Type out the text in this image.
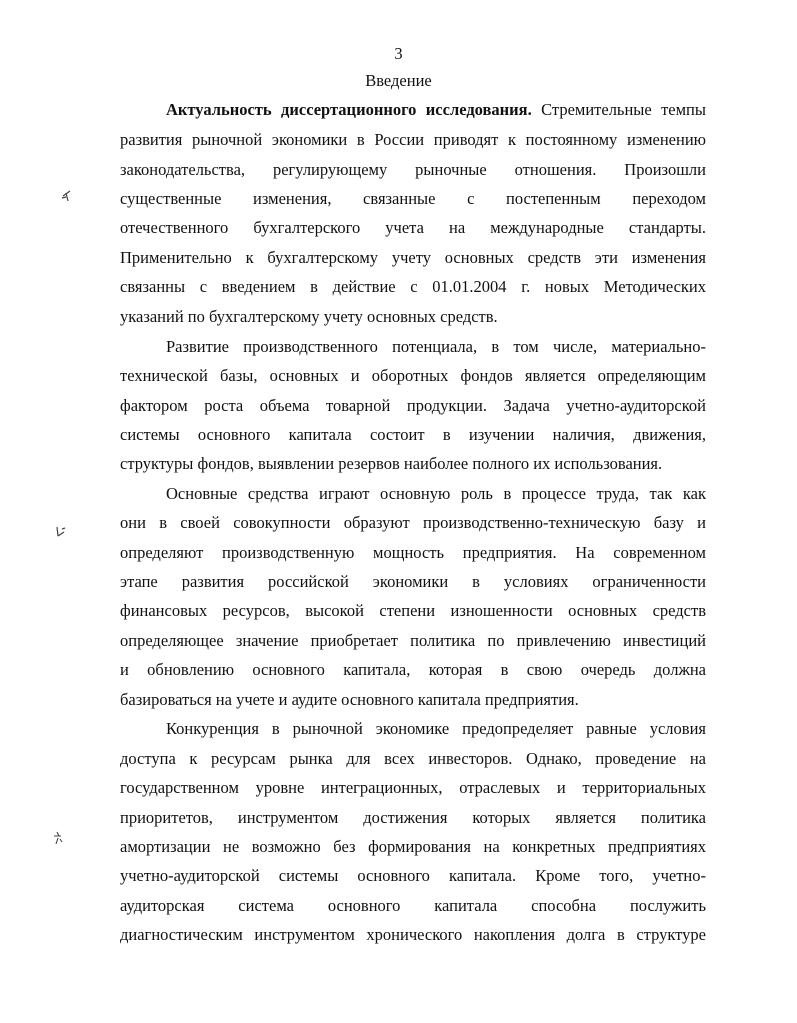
3
Введение
Актуальность диссертационного исследования. Стремительные темпы
развития рыночной экономики в России приводят к постоянному изменению
законодательства, регулирующему рыночные отношения. Произошли
существенные изменения, связанные с постепенным переходом
отечественного бухгалтерского учета на международные стандарты.
Применительно к бухгалтерскому учету основных средств эти изменения
связанны с введением в действие с 01.01.2004 г. новых Методических
указаний по бухгалтерскому учету основных средств.
Развитие производственного потенциала, в том числе, материально-
технической базы, основных и оборотных фондов является определяющим
фактором роста объема товарной продукции. Задача учетно-аудиторской
системы основного капитала состоит в изучении наличия, движения,
структуры фондов, выявлении резервов наиболее полного их использования.
Основные средства играют основную роль в процессе труда, так как
они в своей совокупности образуют производственно-техническую базу и
определяют производственную мощность предприятия. На современном
этапе развития российской экономики в условиях ограниченности
финансовых ресурсов, высокой степени изношенности основных средств
определяющее значение приобретает политика по привлечению инвестиций
и обновлению основного капитала, которая в свою очередь должна
базироваться на учете и аудите основного капитала предприятия.
Конкуренция в рыночной экономике предопределяет равные условия
доступа к ресурсам рынка для всех инвесторов. Однако, проведение на
государственном уровне интеграционных, отраслевых и территориальных
приоритетов, инструментом достижения которых является политика
амортизации не возможно без формирования на конкретных предприятиях
учетно-аудиторской системы основного капитала. Кроме того, учетно-
аудиторская система основного капитала способна послужить
диагностическим инструментом хронического накопления долга в структуре
